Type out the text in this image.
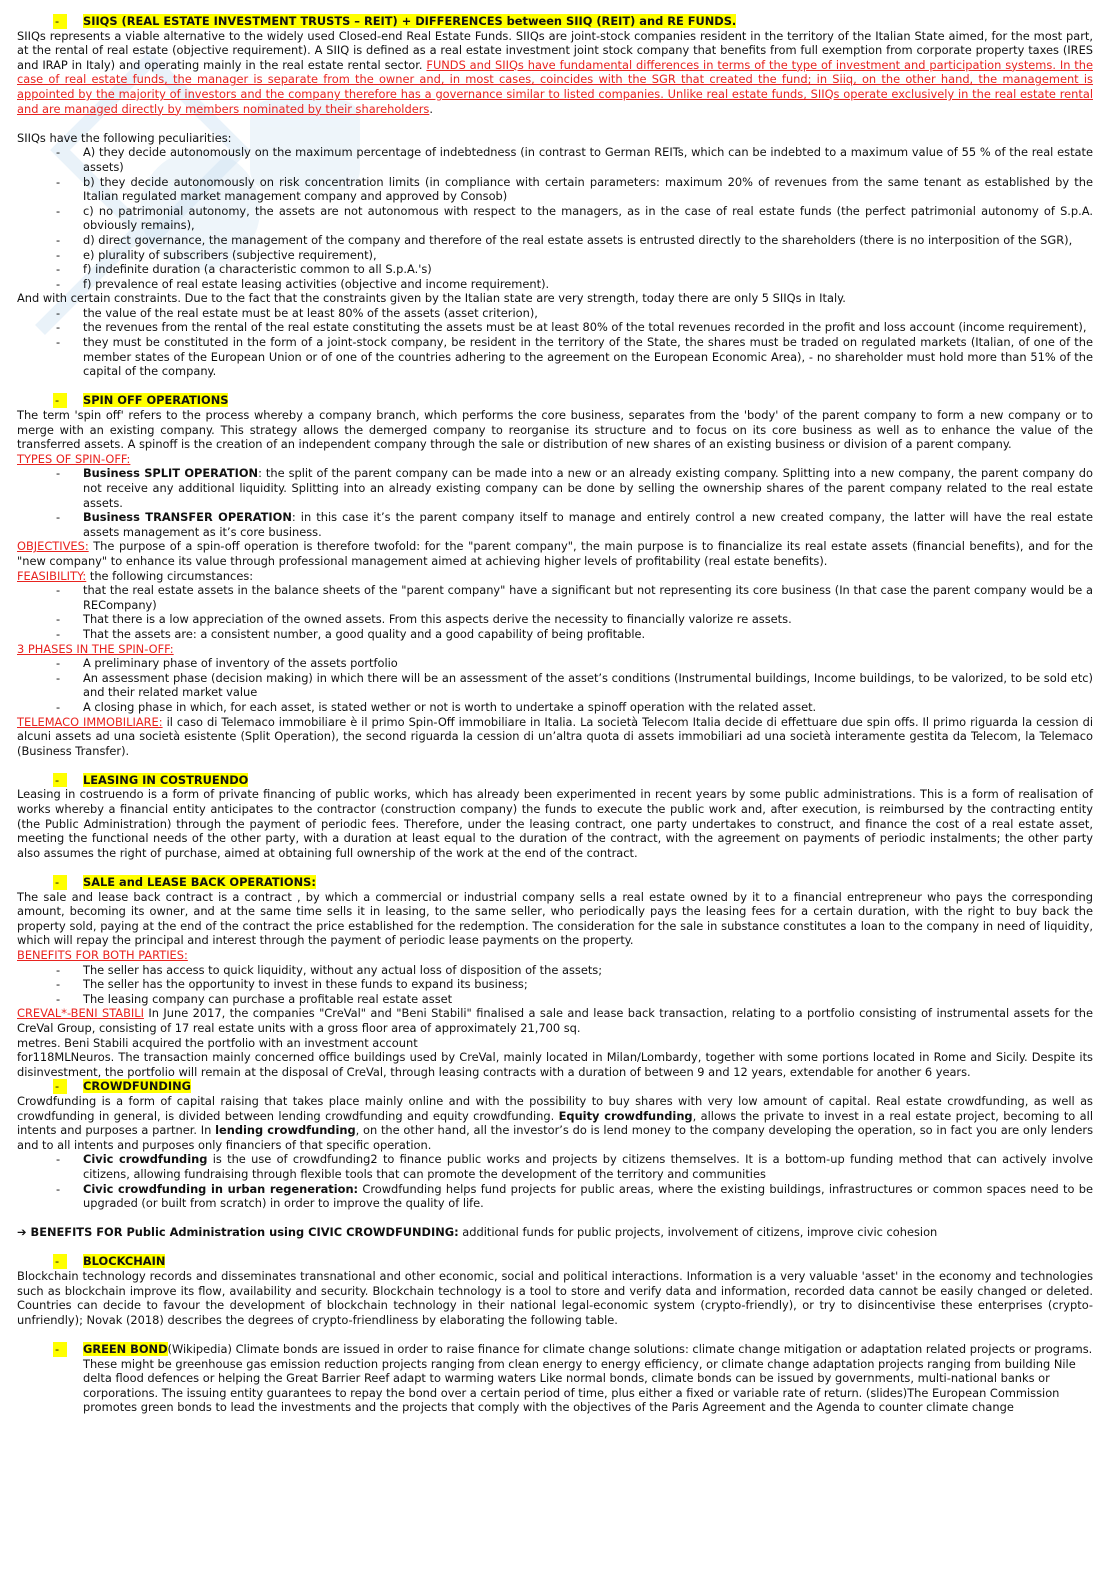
-	SIIQS (REAL ESTATE INVESTMENT TRUSTS – REIT) + DIFFERENCES between SIIQ (REIT) and RE FUNDS.

SIIQs represents a viable alternative to the widely used Closed-end Real Estate Funds. SIIQs are joint-stock companies resident in the territory of the Italian State aimed, for the most part, at the rental of real estate (objective requirement). A SIIQ is defined as a real estate investment joint stock company that benefits from full exemption from corporate property taxes (IRES and IRAP in Italy) and operating mainly in the real estate rental sector. FUNDS and SIIQs have fundamental differences in terms of the type of investment and participation systems. In the case of real estate funds, the manager is separate from the owner and, in most cases, coincides with the SGR that created the fund; in Siiq, on the other hand, the management is appointed by the majority of investors and the company therefore has a governance similar to listed companies. Unlike real estate funds, SIIQs operate exclusively in the real estate rental and are managed directly by members nominated by their shareholders.

SIIQs have the following peculiarities:

- A) they decide autonomously on the maximum percentage of indebtedness (in contrast to German REITs, which can be indebted to a maximum value of 55 % of the real estate assets)
- b) they decide autonomously on risk concentration limits (in compliance with certain parameters: maximum 20% of revenues from the same tenant as established by the Italian regulated market management company and approved by Consob)
- c) no patrimonial autonomy, the assets are not autonomous with respect to the managers, as in the case of real estate funds (the perfect patrimonial autonomy of S.p.A. obviously remains),
- d) direct governance, the management of the company and therefore of the real estate assets is entrusted directly to the shareholders (there is no interposition of the SGR),
- e) plurality of subscribers (subjective requirement),
- f) indefinite duration (a characteristic common to all S.p.A.'s)
- f) prevalence of real estate leasing activities (objective and income requirement).

And with certain constraints. Due to the fact that the constraints given by the Italian state are very strength, today there are only 5 SIIQs in Italy.

- the value of the real estate must be at least 80% of the assets (asset criterion),
- the revenues from the rental of the real estate constituting the assets must be at least 80% of the total revenues recorded in the profit and loss account (income requirement),
- they must be constituted in the form of a joint-stock company, be resident in the territory of the State, the shares must be traded on regulated markets (Italian, of one of the member states of the European Union or of one of the countries adhering to the agreement on the European Economic Area), - no shareholder must hold more than 51% of the capital of the company.
-	SPIN OFF OPERATIONS

The term 'spin off' refers to the process whereby a company branch, which performs the core business, separates from the 'body' of the parent company to form a new company or to merge with an existing company. This strategy allows the demerged company to reorganise its structure and to focus on its core business as well as to enhance the value of the transferred assets. A spinoff is the creation of an independent company through the sale or distribution of new shares of an existing business or division of a parent company.

TYPES OF SPIN-OFF:

- Business SPLIT OPERATION: the split of the parent company can be made into a new or an already existing company. Splitting into a new company, the parent company do not receive any additional liquidity. Splitting into an already existing company can be done by selling the ownership shares of the parent company related to the real estate assets.
- Business TRANSFER OPERATION: in this case it’s the parent company itself to manage and entirely control a new created company, the latter will have the real estate assets management as it’s core business.

OBJECTIVES: The purpose of a spin-off operation is therefore twofold: for the "parent company", the main purpose is to financialize its real estate assets (financial benefits), and for the "new company" to enhance its value through professional management aimed at achieving higher levels of profitability (real estate benefits).

FEASIBILITY: the following circumstances:

- that the real estate assets in the balance sheets of the "parent company" have a significant but not representing its core business (In that case the parent company would be a RECompany)
- That there is a low appreciation of the owned assets. From this aspects derive the necessity to financially valorize re assets.
- That the assets are: a consistent number, a good quality and a good capability of being profitable.

3 PHASES IN THE SPIN-OFF:

- A preliminary phase of inventory of the assets portfolio
- An assessment phase (decision making) in which there will be an assessment of the asset’s conditions (Instrumental buildings, Income buildings, to be valorized, to be sold etc) and their related market value
- A closing phase in which, for each asset, is stated wether or not is worth to undertake a spinoff operation with the related asset.

TELEMACO IMMOBILIARE: il caso di Telemaco immobiliare è il primo Spin-Off immobiliare in Italia. La società Telecom Italia decide di effettuare due spin offs. Il primo riguarda la cession di alcuni assets ad una società esistente (Split Operation), the second riguarda la cession di un’altra quota di assets immobiliari ad una società interamente gestita da Telecom, la Telemaco (Business Transfer).

-	LEASING IN COSTRUENDO

Leasing in costruendo is a form of private financing of public works, which has already been experimented in recent years by some public administrations. This is a form of realisation of works whereby a financial entity anticipates to the contractor (construction company) the funds to execute the public work and, after execution, is reimbursed by the contracting entity (the Public Administration) through the payment of periodic fees. Therefore, under the leasing contract, one party undertakes to construct, and finance the cost of a real estate asset, meeting the functional needs of the other party, with a duration at least equal to the duration of the contract, with the agreement on payments of periodic instalments; the other party also assumes the right of purchase, aimed at obtaining full ownership of the work at the end of the contract.

-	SALE and LEASE BACK OPERATIONS:

The sale and lease back contract is a contract , by which a commercial or industrial company sells a real estate owned by it to a financial entrepreneur who pays the corresponding amount, becoming its owner, and at the same time sells it in leasing, to the same seller, who periodically pays the leasing fees for a certain duration, with the right to buy back the property sold, paying at the end of the contract the price established for the redemption. The consideration for the sale in substance constitutes a loan to the company in need of liquidity, which will repay the principal and interest through the payment of periodic lease payments on the property.

BENEFITS FOR BOTH PARTIES:

- The seller has access to quick liquidity, without any actual loss of disposition of the assets;
- The seller has the opportunity to invest in these funds to expand its business;
- The leasing company can purchase a profitable real estate asset

CREVAL*-BENI STABILI In June 2017, the companies "CreVal" and "Beni Stabili" finalised a sale and lease back transaction, relating to a portfolio consisting of instrumental assets for the CreVal Group, consisting of 17 real estate units with a gross floor area of approximately 21,700 sq.

metres. Beni Stabili acquired the portfolio with an investment account

for118MLNeuros. The transaction mainly concerned office buildings used by CreVal, mainly located in Milan/Lombardy, together with some portions located in Rome and Sicily. Despite its disinvestment, the portfolio will remain at the disposal of CreVal, through leasing contracts with a duration of between 9 and 12 years, extendable for another 6 years.

-	CROWDFUNDING

Crowdfunding is a form of capital raising that takes place mainly online and with the possibility to buy shares with very low amount of capital. Real estate crowdfunding, as well as crowdfunding in general, is divided between lending crowdfunding and equity crowdfunding. Equity crowdfunding, allows the private to invest in a real estate project, becoming to all intents and purposes a partner. In lending crowdfunding, on the other hand, all the investor’s do is lend money to the company developing the operation, so in fact you are only lenders and to all intents and purposes only financiers of that specific operation.

- Civic crowdfunding is the use of crowdfunding2 to finance public works and projects by citizens themselves. It is a bottom-up funding method that can actively involve citizens, allowing fundraising through flexible tools that can promote the development of the territory and communities
- Civic crowdfunding in urban regeneration: Crowdfunding helps fund projects for public areas, where the existing buildings, infrastructures or common spaces need to be upgraded (or built from scratch) in order to improve the quality of life.

➔ BENEFITS FOR Public Administration using CIVIC CROWDFUNDING: additional funds for public projects, involvement of citizens, improve civic cohesion

-	BLOCKCHAIN

Blockchain technology records and disseminates transnational and other economic, social and political interactions. Information is a very valuable 'asset' in the economy and technologies such as blockchain improve its flow, availability and security. Blockchain technology is a tool to store and verify data and information, recorded data cannot be easily changed or deleted. Countries can decide to favour the development of blockchain technology in their national legal-economic system (crypto-friendly), or try to disincentivise these enterprises (crypto-unfriendly); Novak (2018) describes the degrees of crypto-friendliness by elaborating the following table.

-	GREEN BOND(Wikipedia) Climate bonds are issued in order to raise finance for climate change solutions: climate change mitigation or adaptation related projects or programs. These might be greenhouse gas emission reduction projects ranging from clean energy to energy efficiency, or climate change adaptation projects ranging from building Nile delta flood defences or helping the Great Barrier Reef adapt to warming waters Like normal bonds, climate bonds can be issued by governments, multi-national banks or corporations. The issuing entity guarantees to repay the bond over a certain period of time, plus either a fixed or variable rate of return. (slides)The European Commission promotes green bonds to lead the investments and the projects that comply with the objectives of the Paris Agreement and the Agenda to counter climate change
